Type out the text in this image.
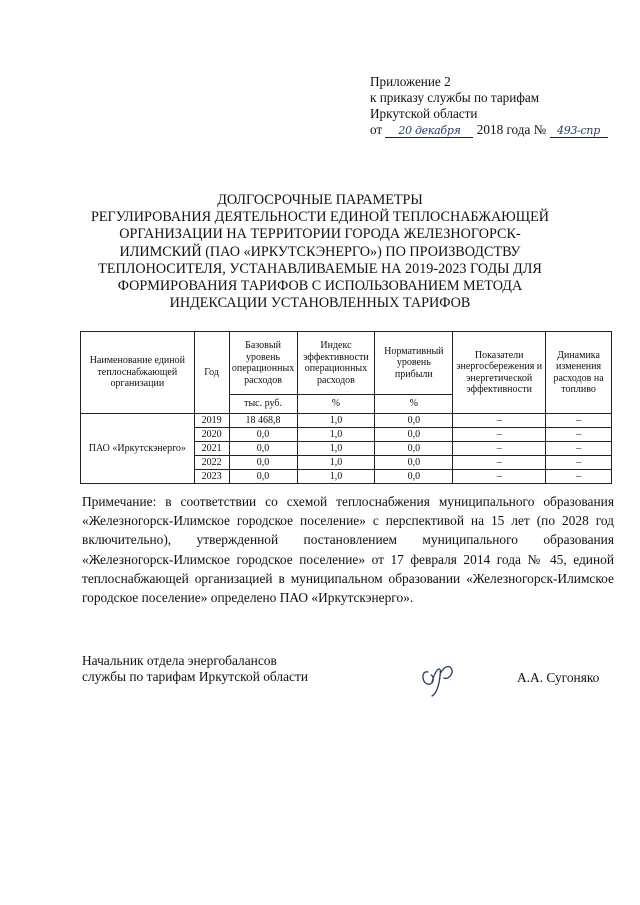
Приложение 2
к приказу службы по тарифам
Иркутской области
от 20 декабря 2018 года № 493-спр
ДОЛГОСРОЧНЫЕ ПАРАМЕТРЫ
РЕГУЛИРОВАНИЯ ДЕЯТЕЛЬНОСТИ ЕДИНОЙ ТЕПЛОСНАБЖАЮЩЕЙ
ОРГАНИЗАЦИИ НА ТЕРРИТОРИИ ГОРОДА ЖЕЛЕЗНОГОРСК-
ИЛИМСКИЙ (ПАО «ИРКУТСКЭНЕРГО») ПО ПРОИЗВОДСТВУ
ТЕПЛОНОСИТЕЛЯ, УСТАНАВЛИВАЕМЫЕ НА 2019-2023 ГОДЫ ДЛЯ
ФОРМИРОВАНИЯ ТАРИФОВ С ИСПОЛЬЗОВАНИЕМ МЕТОДА
ИНДЕКСАЦИИ УСТАНОВЛЕННЫХ ТАРИФОВ
Наименование единой теплоснабжающей организации	Год	Базовый уровень операционных расходов	Индекс эффективности операционных расходов	Нормативный уровень прибыли	Показатели энергосбережения и энергетической эффективности	Динамика изменения расходов на топливо
		тыс. руб.	%	%		
ПАО «Иркутскэнерго»	2019	18 468,8	1,0	0,0	–	–
	2020	0,0	1,0	0,0	–	–
	2021	0,0	1,0	0,0	–	–
	2022	0,0	1,0	0,0	–	–
	2023	0,0	1,0	0,0	–	–
Примечание: в соответствии со схемой теплоснабжения муниципального образования «Железногорск-Илимское городское поселение» с перспективой на 15 лет (по 2028 год включительно), утвержденной постановлением муниципального образования «Железногорск-Илимское городское поселение» от 17 февраля 2014 года № 45, единой теплоснабжающей организацией в муниципальном образовании «Железногорск-Илимское городское поселение» определено ПАО «Иркутскэнерго».
Начальник отдела энергобалансов
службы по тарифам Иркутской области	А.А. Сугоняко
